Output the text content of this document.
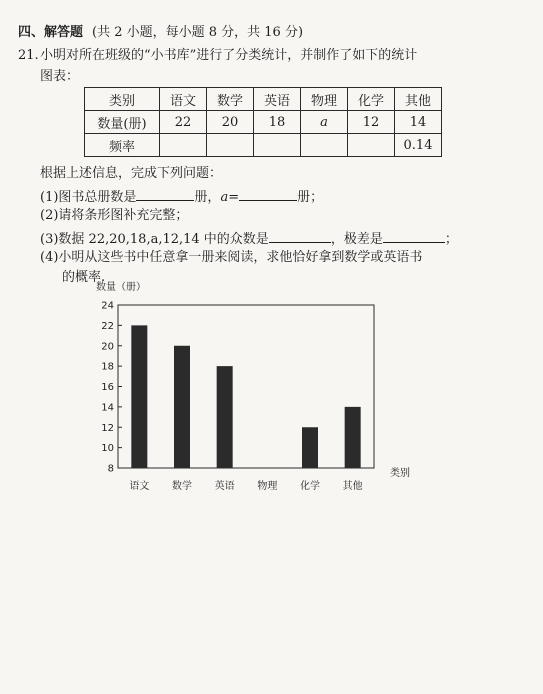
四、解答题 (共 2 小题，每小题 8 分，共 16 分)
21. 小明对所在班级的“小书库”进行了分类统计，并制作了如下的统计
图表：
类别	语文	数学	英语	物理	化学	其他
数量(册)	22	20	18	a	12	14
频率						0.14
根据上述信息，完成下列问题：
(1)图书总册数是	册，a=	册；
(2)请将条形图补充完整；
(3)数据 22,20,18,a,12,14 中的众数是	，极差是	；
(4)小明从这些书中任意拿一册来阅读，求他恰好拿到数学或英语书
的概率.
8
10
12
14
16
18
20
22
24
数量（册）
类别
语文 数学 英语 物理 化学 其他
